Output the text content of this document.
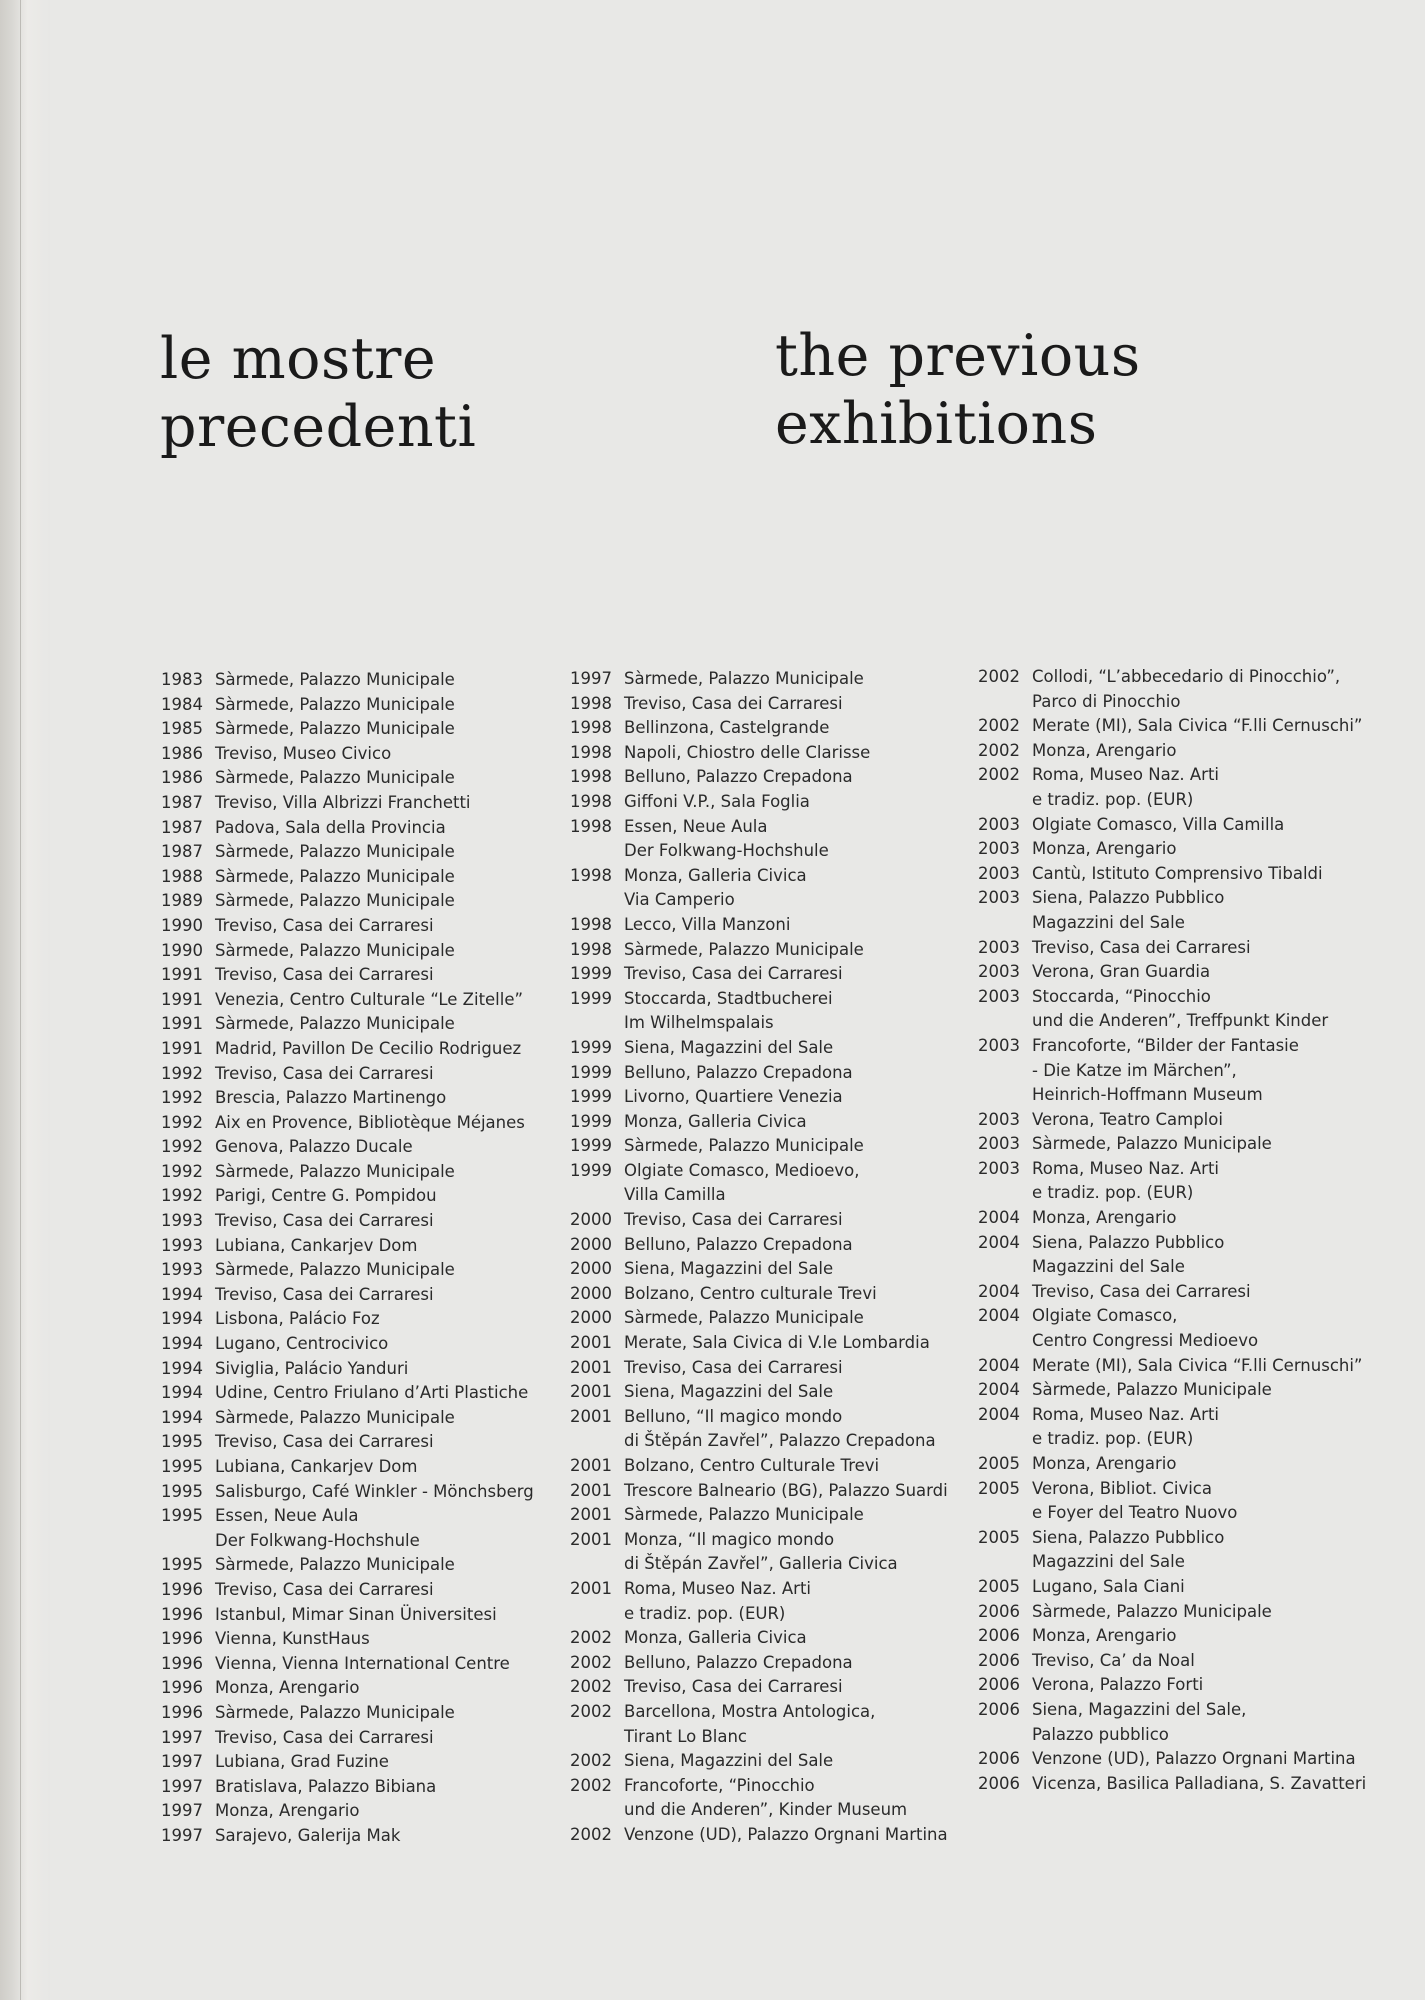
le mostre
precedenti
the previous
exhibitions
1983 Sàrmede, Palazzo Municipale
1984 Sàrmede, Palazzo Municipale
1985 Sàrmede, Palazzo Municipale
1986 Treviso, Museo Civico
1986 Sàrmede, Palazzo Municipale
1987 Treviso, Villa Albrizzi Franchetti
1987 Padova, Sala della Provincia
1987 Sàrmede, Palazzo Municipale
1988 Sàrmede, Palazzo Municipale
1989 Sàrmede, Palazzo Municipale
1990 Treviso, Casa dei Carraresi
1990 Sàrmede, Palazzo Municipale
1991 Treviso, Casa dei Carraresi
1991 Venezia, Centro Culturale “Le Zitelle”
1991 Sàrmede, Palazzo Municipale
1991 Madrid, Pavillon De Cecilio Rodriguez
1992 Treviso, Casa dei Carraresi
1992 Brescia, Palazzo Martinengo
1992 Aix en Provence, Bibliotèque Méjanes
1992 Genova, Palazzo Ducale
1992 Sàrmede, Palazzo Municipale
1992 Parigi, Centre G. Pompidou
1993 Treviso, Casa dei Carraresi
1993 Lubiana, Cankarjev Dom
1993 Sàrmede, Palazzo Municipale
1994 Treviso, Casa dei Carraresi
1994 Lisbona, Palácio Foz
1994 Lugano, Centrocivico
1994 Siviglia, Palácio Yanduri
1994 Udine, Centro Friulano d’Arti Plastiche
1994 Sàrmede, Palazzo Municipale
1995 Treviso, Casa dei Carraresi
1995 Lubiana, Cankarjev Dom
1995 Salisburgo, Café Winkler - Mönchsberg
1995 Essen, Neue Aula
Der Folkwang-Hochshule
1995 Sàrmede, Palazzo Municipale
1996 Treviso, Casa dei Carraresi
1996 Istanbul, Mimar Sinan Üniversitesi
1996 Vienna, KunstHaus
1996 Vienna, Vienna International Centre
1996 Monza, Arengario
1996 Sàrmede, Palazzo Municipale
1997 Treviso, Casa dei Carraresi
1997 Lubiana, Grad Fuzine
1997 Bratislava, Palazzo Bibiana
1997 Monza, Arengario
1997 Sarajevo, Galerija Mak
1997 Sàrmede, Palazzo Municipale
1998 Treviso, Casa dei Carraresi
1998 Bellinzona, Castelgrande
1998 Napoli, Chiostro delle Clarisse
1998 Belluno, Palazzo Crepadona
1998 Giffoni V.P., Sala Foglia
1998 Essen, Neue Aula
Der Folkwang-Hochshule
1998 Monza, Galleria Civica
Via Camperio
1998 Lecco, Villa Manzoni
1998 Sàrmede, Palazzo Municipale
1999 Treviso, Casa dei Carraresi
1999 Stoccarda, Stadtbucherei
Im Wilhelmspalais
1999 Siena, Magazzini del Sale
1999 Belluno, Palazzo Crepadona
1999 Livorno, Quartiere Venezia
1999 Monza, Galleria Civica
1999 Sàrmede, Palazzo Municipale
1999 Olgiate Comasco, Medioevo,
Villa Camilla
2000 Treviso, Casa dei Carraresi
2000 Belluno, Palazzo Crepadona
2000 Siena, Magazzini del Sale
2000 Bolzano, Centro culturale Trevi
2000 Sàrmede, Palazzo Municipale
2001 Merate, Sala Civica di V.le Lombardia
2001 Treviso, Casa dei Carraresi
2001 Siena, Magazzini del Sale
2001 Belluno, “Il magico mondo
di Štěpán Zavřel”, Palazzo Crepadona
2001 Bolzano, Centro Culturale Trevi
2001 Trescore Balneario (BG), Palazzo Suardi
2001 Sàrmede, Palazzo Municipale
2001 Monza, “Il magico mondo
di Štěpán Zavřel”, Galleria Civica
2001 Roma, Museo Naz. Arti
e tradiz. pop. (EUR)
2002 Monza, Galleria Civica
2002 Belluno, Palazzo Crepadona
2002 Treviso, Casa dei Carraresi
2002 Barcellona, Mostra Antologica,
Tirant Lo Blanc
2002 Siena, Magazzini del Sale
2002 Francoforte, “Pinocchio
und die Anderen”, Kinder Museum
2002 Venzone (UD), Palazzo Orgnani Martina
2002 Collodi, “L’abbecedario di Pinocchio”,
Parco di Pinocchio
2002 Merate (MI), Sala Civica “F.lli Cernuschi”
2002 Monza, Arengario
2002 Roma, Museo Naz. Arti
e tradiz. pop. (EUR)
2003 Olgiate Comasco, Villa Camilla
2003 Monza, Arengario
2003 Cantù, Istituto Comprensivo Tibaldi
2003 Siena, Palazzo Pubblico
Magazzini del Sale
2003 Treviso, Casa dei Carraresi
2003 Verona, Gran Guardia
2003 Stoccarda, “Pinocchio
und die Anderen”, Treffpunkt Kinder
2003 Francoforte, “Bilder der Fantasie
- Die Katze im Märchen”,
Heinrich-Hoffmann Museum
2003 Verona, Teatro Camploi
2003 Sàrmede, Palazzo Municipale
2003 Roma, Museo Naz. Arti
e tradiz. pop. (EUR)
2004 Monza, Arengario
2004 Siena, Palazzo Pubblico
Magazzini del Sale
2004 Treviso, Casa dei Carraresi
2004 Olgiate Comasco,
Centro Congressi Medioevo
2004 Merate (MI), Sala Civica “F.lli Cernuschi”
2004 Sàrmede, Palazzo Municipale
2004 Roma, Museo Naz. Arti
e tradiz. pop. (EUR)
2005 Monza, Arengario
2005 Verona, Bibliot. Civica
e Foyer del Teatro Nuovo
2005 Siena, Palazzo Pubblico
Magazzini del Sale
2005 Lugano, Sala Ciani
2006 Sàrmede, Palazzo Municipale
2006 Monza, Arengario
2006 Treviso, Ca’ da Noal
2006 Verona, Palazzo Forti
2006 Siena, Magazzini del Sale,
Palazzo pubblico
2006 Venzone (UD), Palazzo Orgnani Martina
2006 Vicenza, Basilica Palladiana, S. Zavatteri
